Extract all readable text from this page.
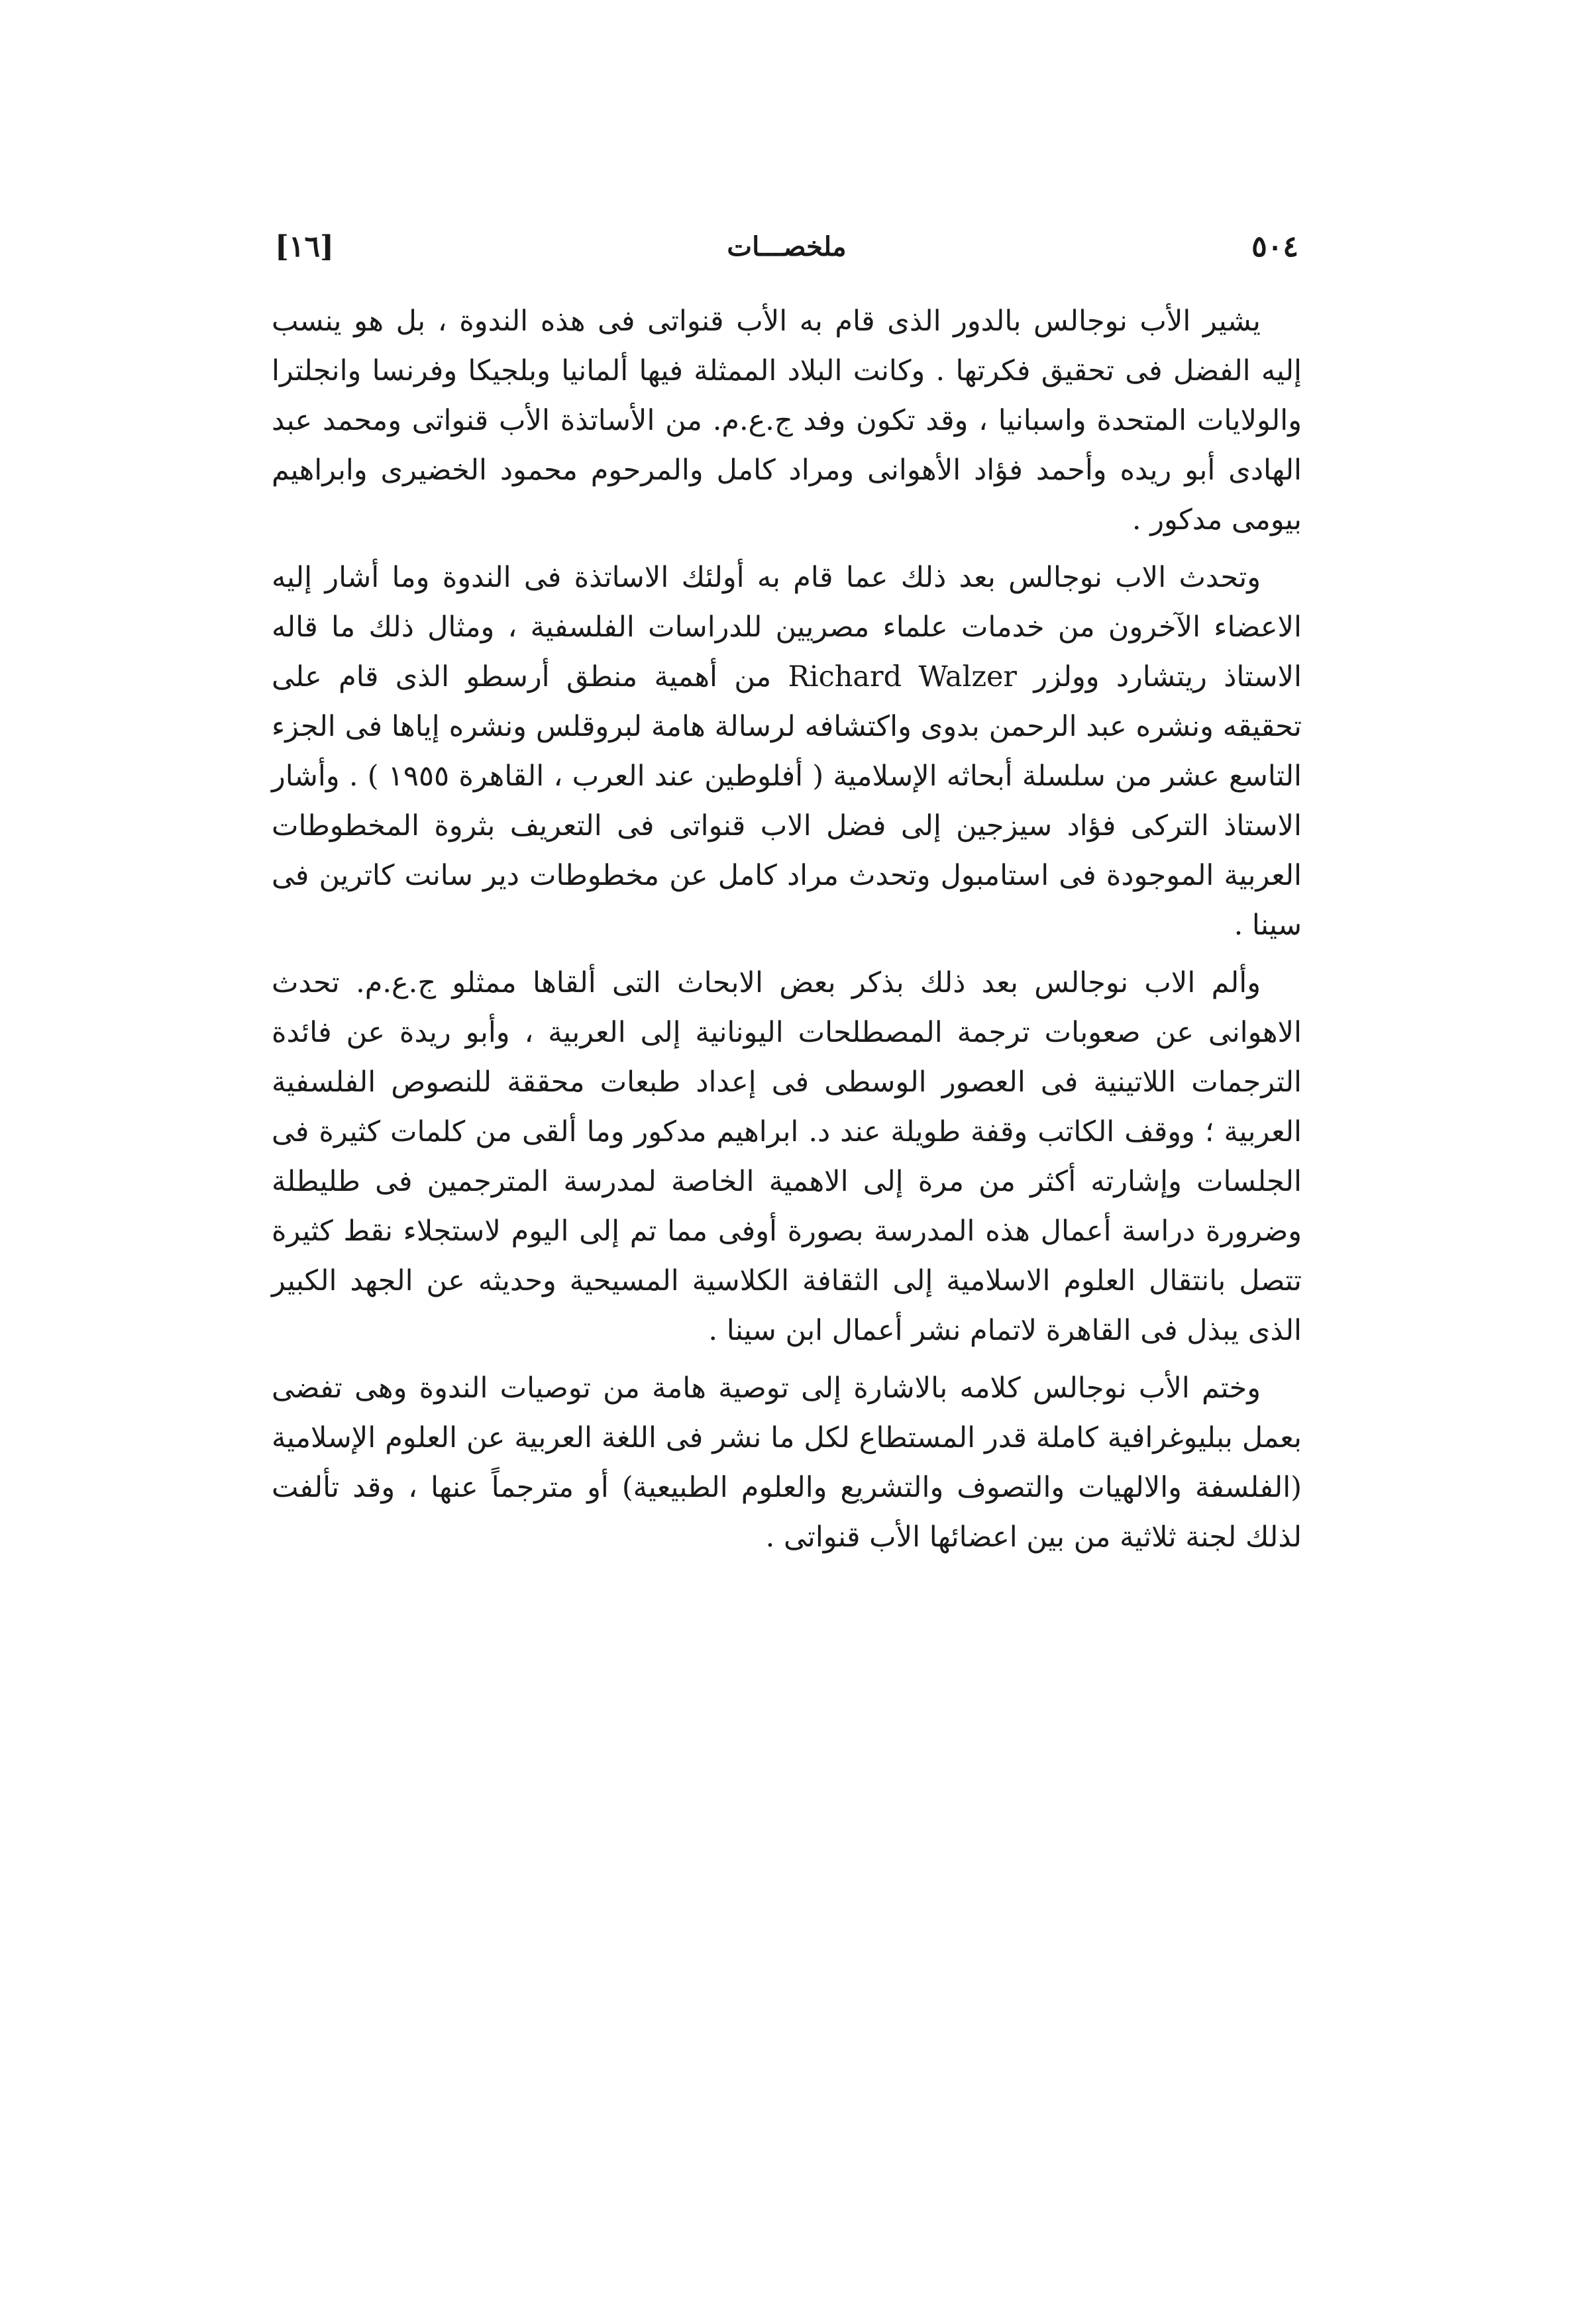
[١٦]	ملخصـــات	٥٠٤

يشير الأب نوجالس بالدور الذى قام به الأب قنواتى فى هذه الندوة ، بل هو ينسب إليه الفضل فى تحقيق فكرتها . وكانت البلاد الممثلة فيها ألمانيا وبلجيكا وفرنسا وانجلترا والولايات المتحدة واسبانيا ، وقد تكون وفد ج.ع.م. من الأساتذة الأب قنواتى ومحمد عبد الهادى أبو ريده وأحمد فؤاد الأهوانى ومراد كامل والمرحوم محمود الخضيرى وابراهيم بيومى مدكور .

وتحدث الاب نوجالس بعد ذلك عما قام به أولئك الاساتذة فى الندوة وما أشار إليه الاعضاء الآخرون من خدمات علماء مصريين للدراسات الفلسفية ، ومثال ذلك ما قاله الاستاذ ريتشارد وولزر Richard Walzer من أهمية منطق أرسطو الذى قام على تحقيقه ونشره عبد الرحمن بدوى واكتشافه لرسالة هامة لبروقلس ونشره إياها فى الجزء التاسع عشر من سلسلة أبحاثه الإسلامية ( أفلوطين عند العرب ، القاهرة ١٩٥٥ ) . وأشار الاستاذ التركى فؤاد سيزجين إلى فضل الاب قنواتى فى التعريف بثروة المخطوطات العربية الموجودة فى استامبول وتحدث مراد كامل عن مخطوطات دير سانت كاترين فى سينا .

وألم الاب نوجالس بعد ذلك بذكر بعض الابحاث التى ألقاها ممثلو ج.ع.م. تحدث الاهوانى عن صعوبات ترجمة المصطلحات اليونانية إلى العربية ، وأبو ريدة عن فائدة الترجمات اللاتينية فى العصور الوسطى فى إعداد طبعات محققة للنصوص الفلسفية العربية ؛ ووقف الكاتب وقفة طويلة عند د. ابراهيم مدكور وما ألقى من كلمات كثيرة فى الجلسات وإشارته أكثر من مرة إلى الاهمية الخاصة لمدرسة المترجمين فى طليطلة وضرورة دراسة أعمال هذه المدرسة بصورة أوفى مما تم إلى اليوم لاستجلاء نقط كثيرة تتصل بانتقال العلوم الاسلامية إلى الثقافة الكلاسية المسيحية وحديثه عن الجهد الكبير الذى يبذل فى القاهرة لاتمام نشر أعمال ابن سينا .

وختم الأب نوجالس كلامه بالاشارة إلى توصية هامة من توصيات الندوة وهى تفضى بعمل ببليوغرافية كاملة قدر المستطاع لكل ما نشر فى اللغة العربية عن العلوم الإسلامية (الفلسفة والالهيات والتصوف والتشريع والعلوم الطبيعية) أو مترجماً عنها ، وقد تألفت لذلك لجنة ثلاثية من بين اعضائها الأب قنواتى .
